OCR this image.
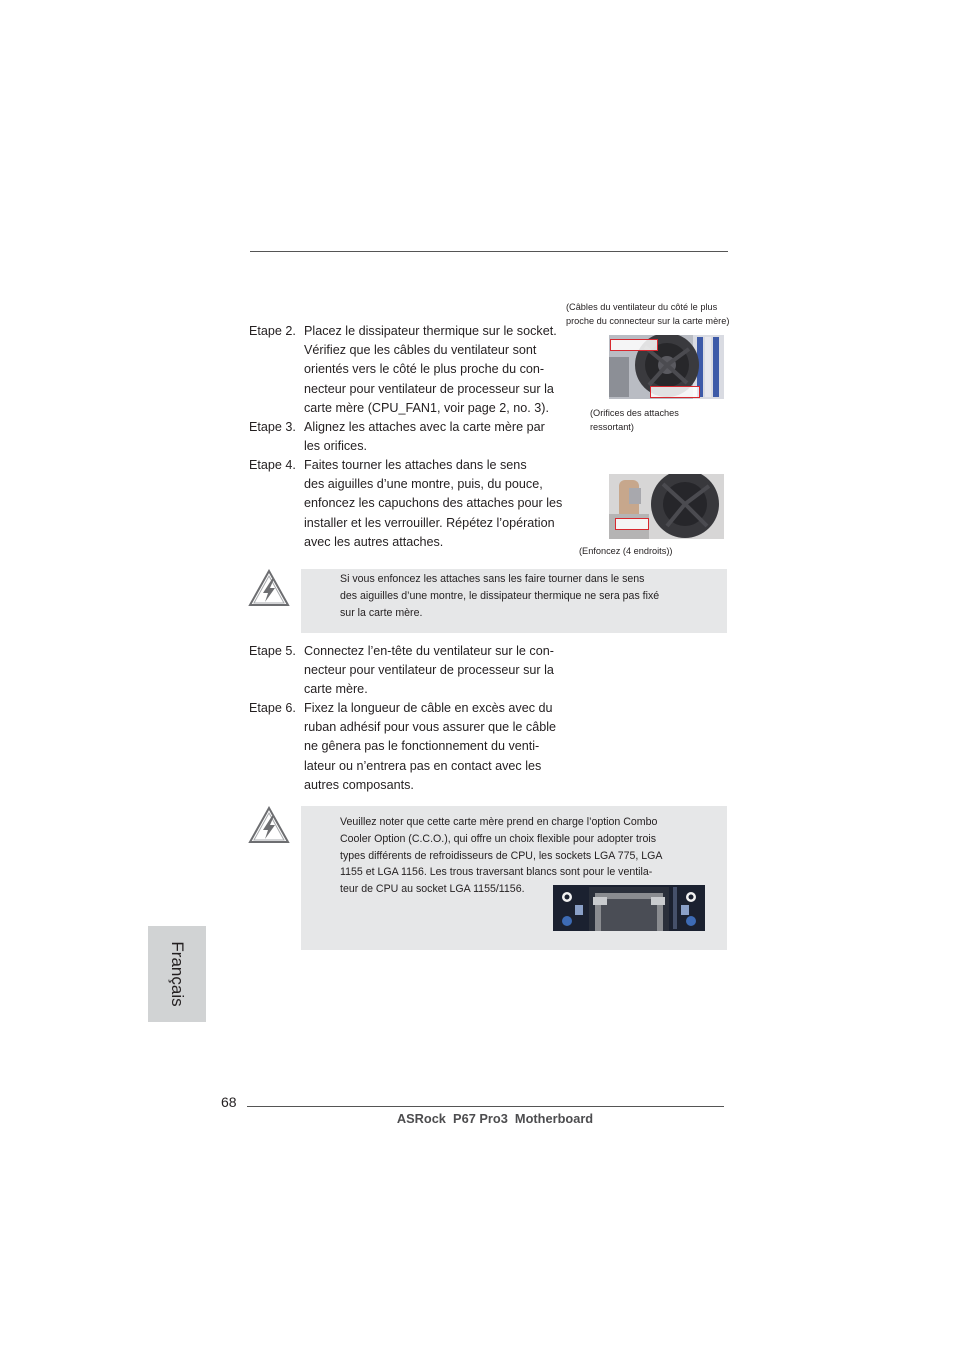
(Câbles du ventilateur du côté le plus
proche du connecteur sur la carte mère)
(Orifices des attaches
ressortant)
(Enfoncez (4 endroits))
Etape 2. Placez le dissipateur thermique sur le socket.
Vérifiez que les câbles du ventilateur sont
orientés vers le côté le plus proche du con-
necteur pour ventilateur de processeur sur la
carte mère (CPU_FAN1, voir page 2, no. 3).
Etape 3. Alignez les attaches avec la carte mère par
les orifices.
Etape 4. Faites tourner les attaches dans le sens
des aiguilles d’une montre, puis, du pouce,
enfoncez les capuchons des attaches pour les
installer et les verrouiller. Répétez l’opération
avec les autres attaches.
Si vous enfoncez les attaches sans les faire tourner dans le sens
des aiguilles d’une montre, le dissipateur thermique ne sera pas fixé
sur la carte mère.
Etape 5. Connectez l’en-tête du ventilateur sur le con-
necteur pour ventilateur de processeur sur la
carte mère.
Etape 6. Fixez la longueur de câble en excès avec du
ruban adhésif pour vous assurer que le câble
ne gênera pas le fonctionnement du venti-
lateur ou n’entrera pas en contact avec les
autres composants.
Veuillez noter que cette carte mère prend en charge l’option Combo
Cooler Option (C.C.O.), qui offre un choix flexible pour adopter trois
types différents de refroidisseurs de CPU, les sockets LGA 775, LGA
1155 et LGA 1156. Les trous traversant blancs sont pour le ventila-
teur de CPU au socket LGA 1155/1156.
Français
68
ASRock  P67 Pro3  Motherboard
